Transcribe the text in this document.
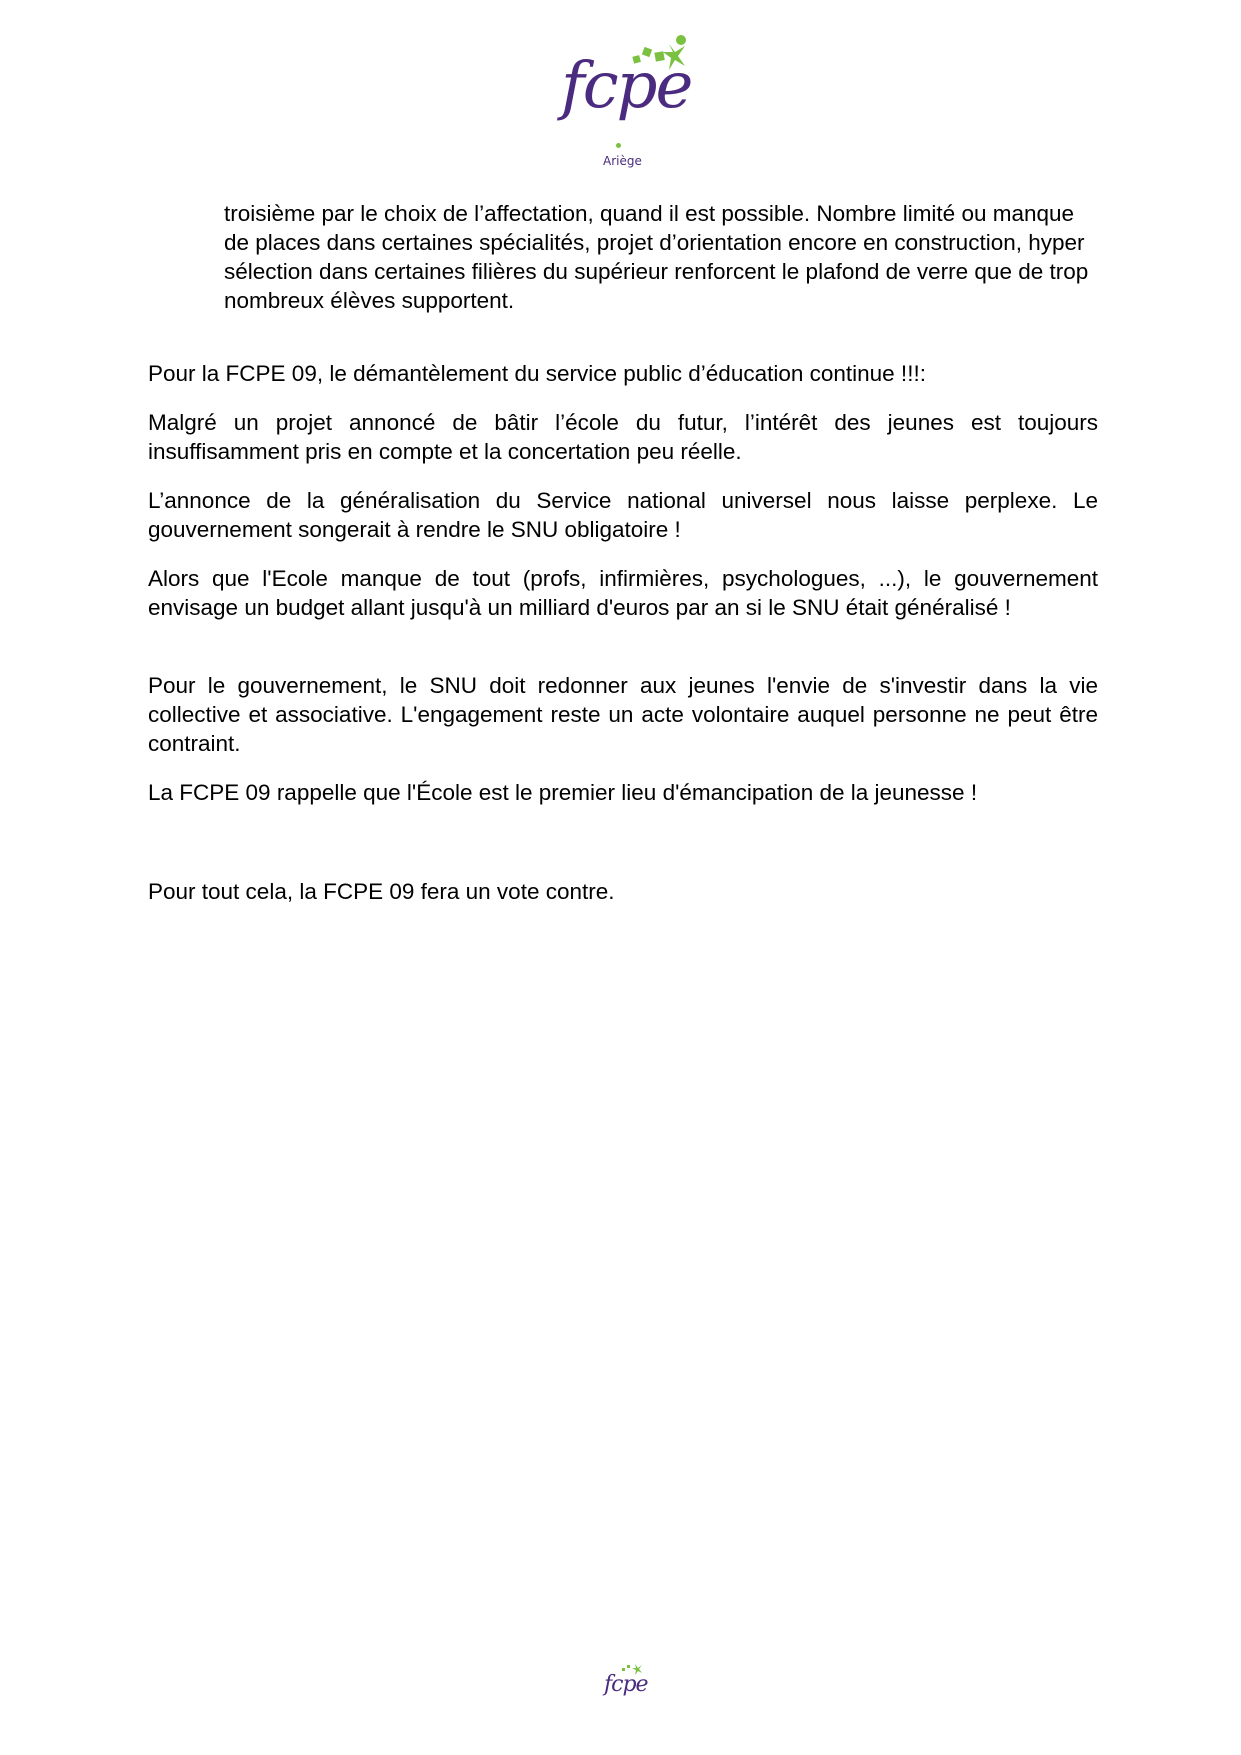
fcpe
Ariège

troisième par le choix de l’affectation, quand il est possible. Nombre limité ou manque de places dans certaines spécialités, projet d’orientation encore en construction, hyper sélection dans certaines filières du supérieur renforcent le plafond de verre que de trop nombreux élèves supportent.

Pour la FCPE 09, le démantèlement du service public d’éducation continue !!!:

Malgré un projet annoncé de bâtir l’école du futur, l’intérêt des jeunes est toujours insuffisamment pris en compte et la concertation peu réelle.

L’annonce de la généralisation du Service national universel nous laisse perplexe. Le gouvernement songerait à rendre le SNU obligatoire !

Alors que l'Ecole manque de tout (profs, infirmières, psychologues, ...), le gouvernement envisage un budget allant jusqu'à un milliard d'euros par an si le SNU était généralisé !

Pour le gouvernement, le SNU doit redonner aux jeunes l'envie de s'investir dans la vie collective et associative. L'engagement reste un acte volontaire auquel personne ne peut être contraint.

La FCPE 09 rappelle que l'École est le premier lieu d'émancipation de la jeunesse !

Pour tout cela, la FCPE 09 fera un vote contre.

fcpe
